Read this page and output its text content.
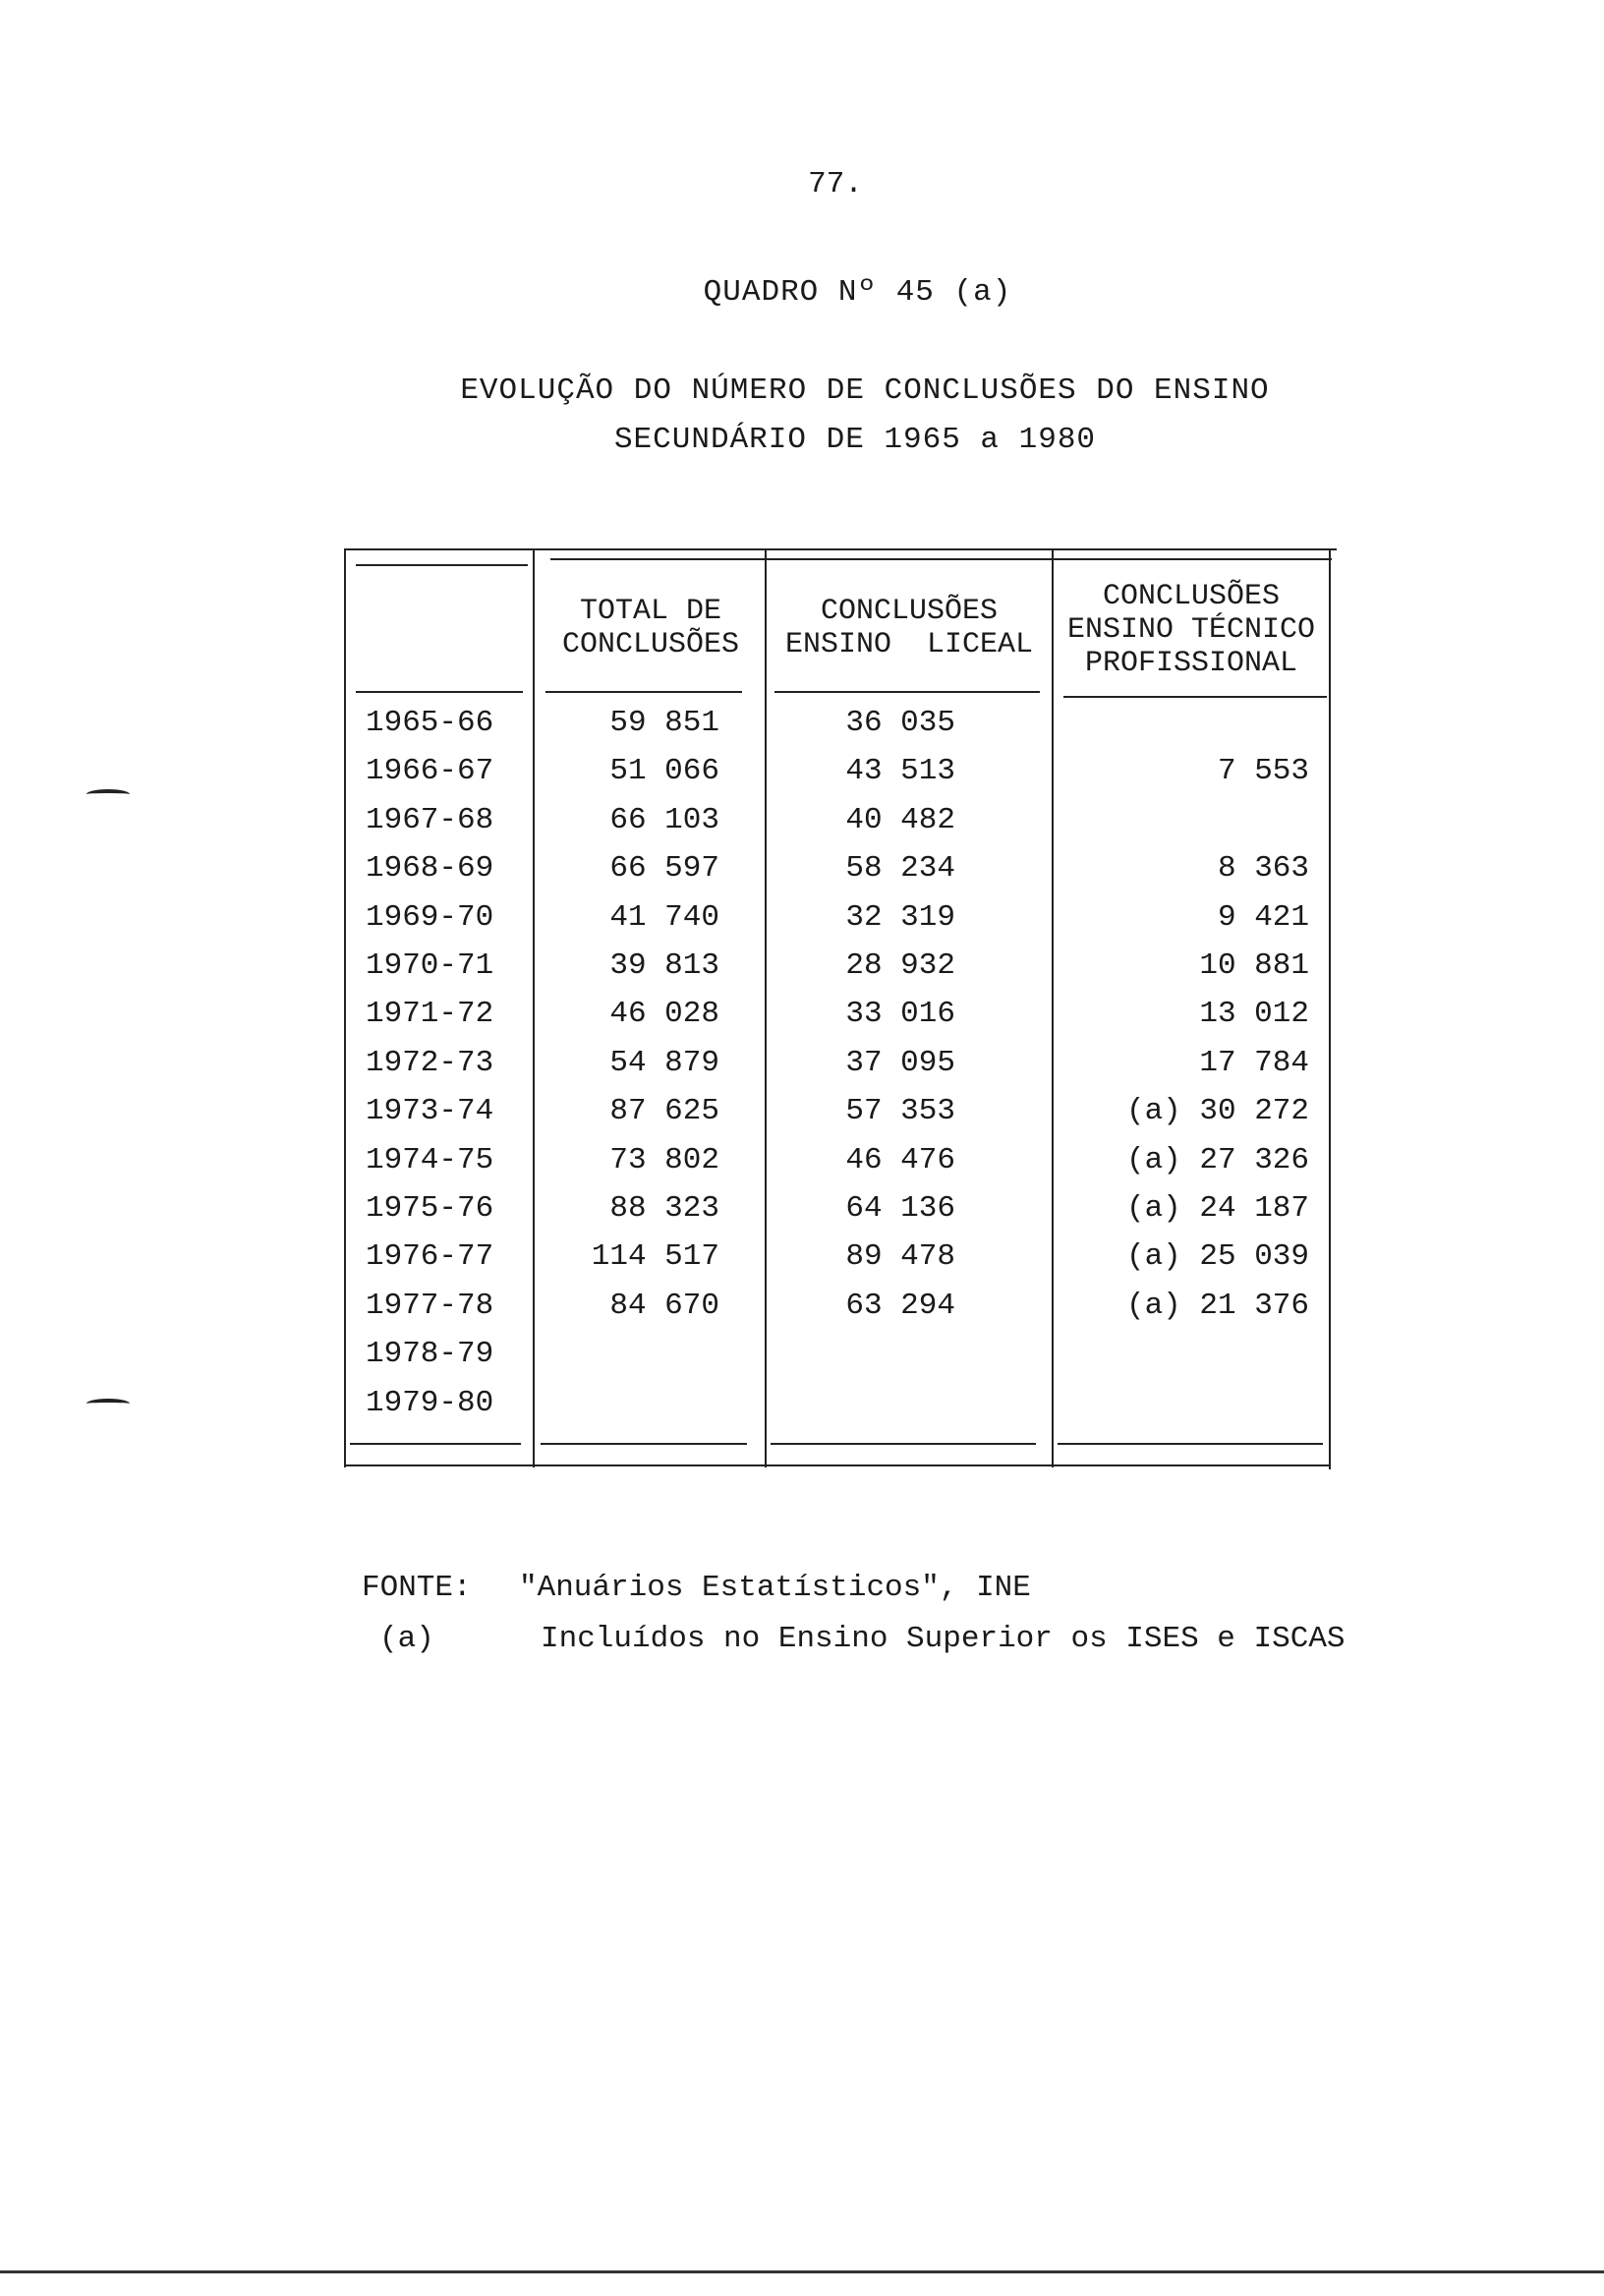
77.
QUADRO Nº 45 (a)
EVOLUÇÃO DO NÚMERO DE CONCLUSÕES DO ENSINO
SECUNDÁRIO DE 1965 a 1980
TOTAL DE
CONCLUSÕES
CONCLUSÕES
ENSINO  LICEAL
CONCLUSÕES
ENSINO TÉCNICO
PROFISSIONAL
1965-66	59 851	36 035
1966-67	51 066	43 513	7 553
1967-68	66 103	40 482
1968-69	66 597	58 234	8 363
1969-70	41 740	32 319	9 421
1970-71	39 813	28 932	10 881
1971-72	46 028	33 016	13 012
1972-73	54 879	37 095	17 784
1973-74	87 625	57 353	(a) 30 272
1974-75	73 802	46 476	(a) 27 326
1975-76	88 323	64 136	(a) 24 187
1976-77	114 517	89 478	(a) 25 039
1977-78	84 670	63 294	(a) 21 376
1978-79
1979-80
FONTE: "Anuários Estatísticos", INE
(a)	Incluídos no Ensino Superior os ISES e ISCAS
